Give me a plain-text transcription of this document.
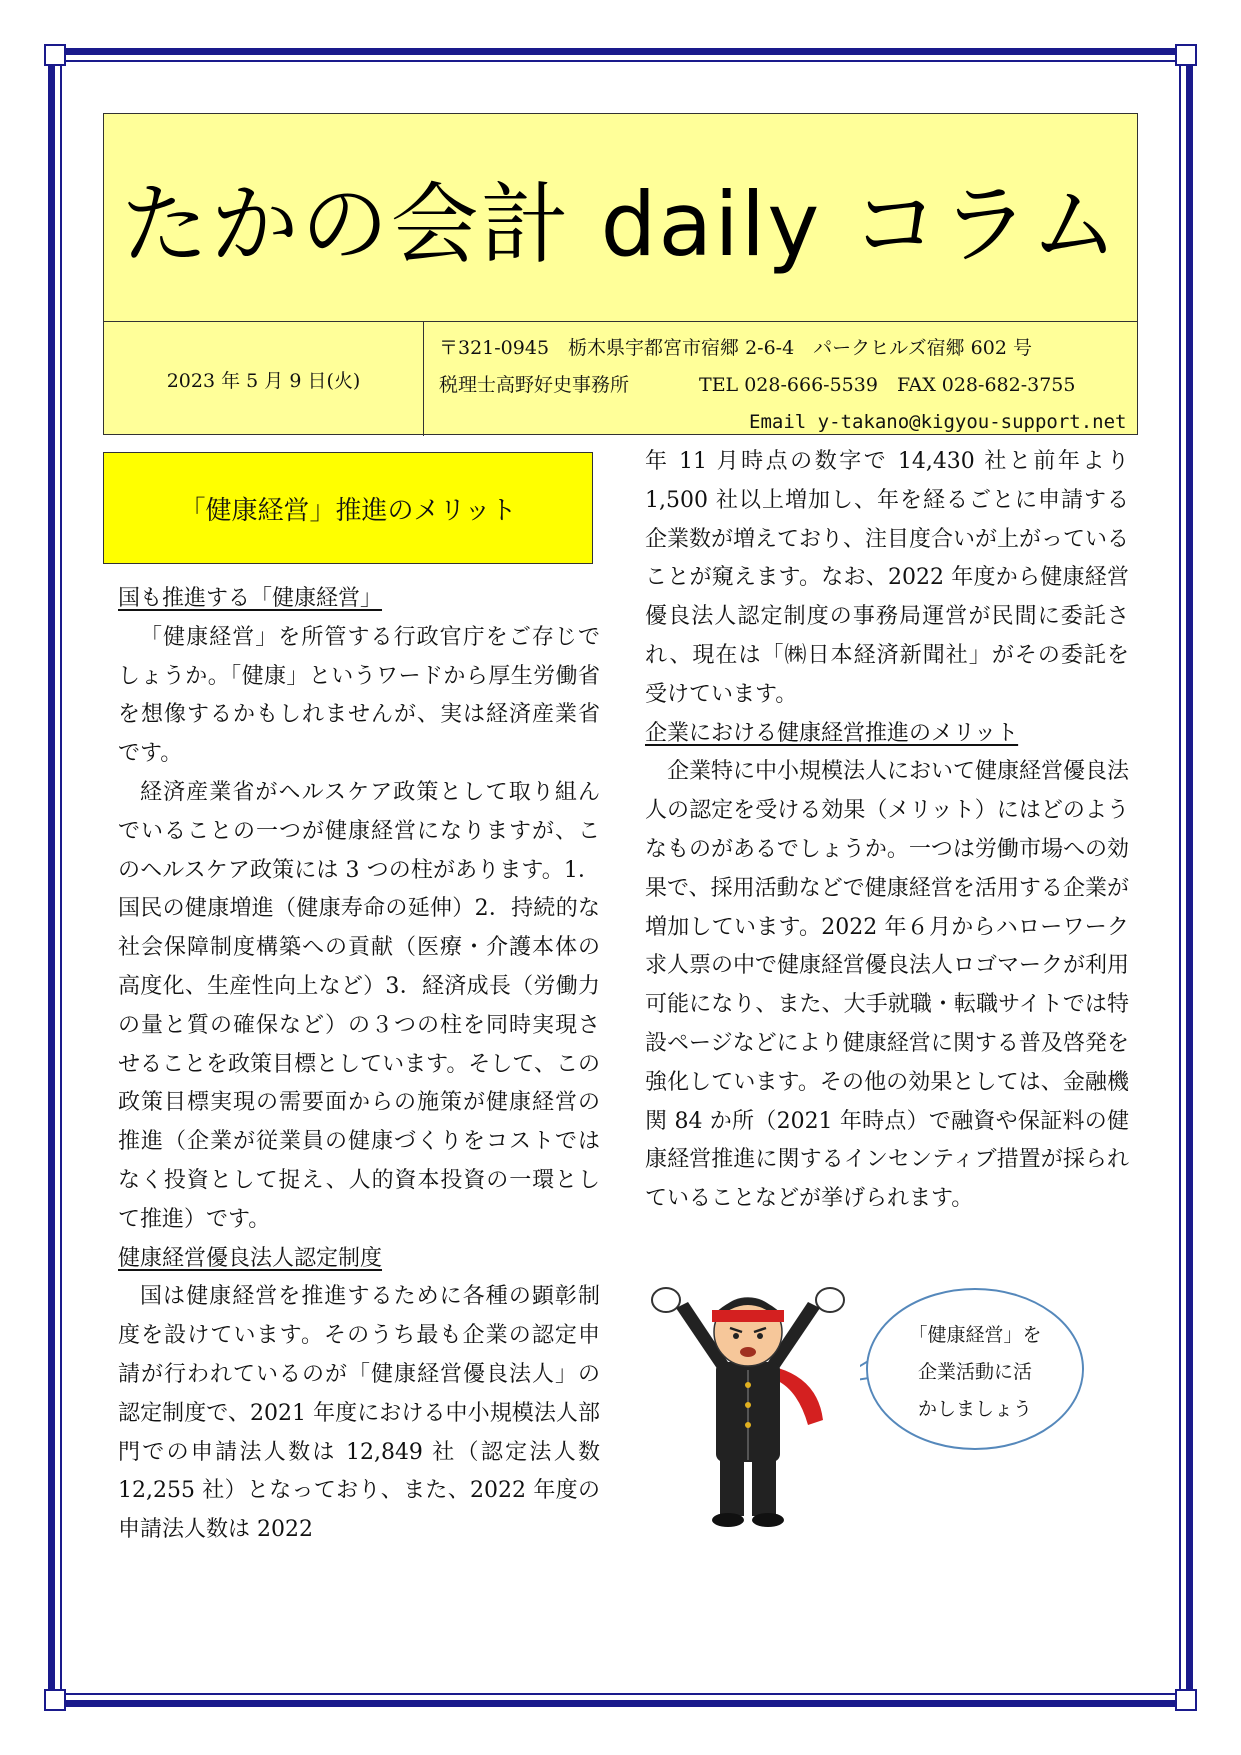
たかの会計 daily コラム
2023 年 5 月 9 日(火)
〒321-0945　栃木県宇都宮市宿郷 2-6-4　パークヒルズ宿郷 602 号
税理士高野好史事務所	TEL 028-666-5539　FAX 028-682-3755
Email y-takano@kigyou-support.net
「健康経営」推進のメリット

国も推進する「健康経営」

「健康経営」を所管する行政官庁をご存じでしょうか。「健康」というワードから厚生労働省を想像するかもしれませんが、実は経済産業省です。

経済産業省がヘルスケア政策として取り組んでいることの一つが健康経営になりますが、このヘルスケア政策には 3 つの柱があります。1．国民の健康増進（健康寿命の延伸）2．持続的な社会保障制度構築への貢献（医療・介護本体の高度化、生産性向上など）3．経済成長（労働力の量と質の確保など）の３つの柱を同時実現させることを政策目標としています。そして、この政策目標実現の需要面からの施策が健康経営の推進（企業が従業員の健康づくりをコストではなく投資として捉え、人的資本投資の一環として推進）です。

健康経営優良法人認定制度

国は健康経営を推進するために各種の顕彰制度を設けています。そのうち最も企業の認定申請が行われているのが「健康経営優良法人」の認定制度で、2021 年度における中小規模法人部門での申請法人数は 12,849 社（認定法人数 12,255 社）となっており、また、2022 年度の申請法人数は 2022

年 11 月時点の数字で 14,430 社と前年より 1,500 社以上増加し、年を経るごとに申請する企業数が増えており、注目度合いが上がっていることが窺えます。なお、2022 年度から健康経営優良法人認定制度の事務局運営が民間に委託され、現在は「㈱日本経済新聞社」がその委託を受けています。

企業における健康経営推進のメリット

企業特に中小規模法人において健康経営優良法人の認定を受ける効果（メリット）にはどのようなものがあるでしょうか。一つは労働市場への効果で、採用活動などで健康経営を活用する企業が増加しています。2022 年６月からハローワーク求人票の中で健康経営優良法人ロゴマークが利用可能になり、また、大手就職・転職サイトでは特設ページなどにより健康経営に関する普及啓発を強化しています。その他の効果としては、金融機関 84 か所（2021 年時点）で融資や保証料の健康経営推進に関するインセンティブ措置が採られていることなどが挙げられます。

「健康経営」を
企業活動に活
かしましょう
